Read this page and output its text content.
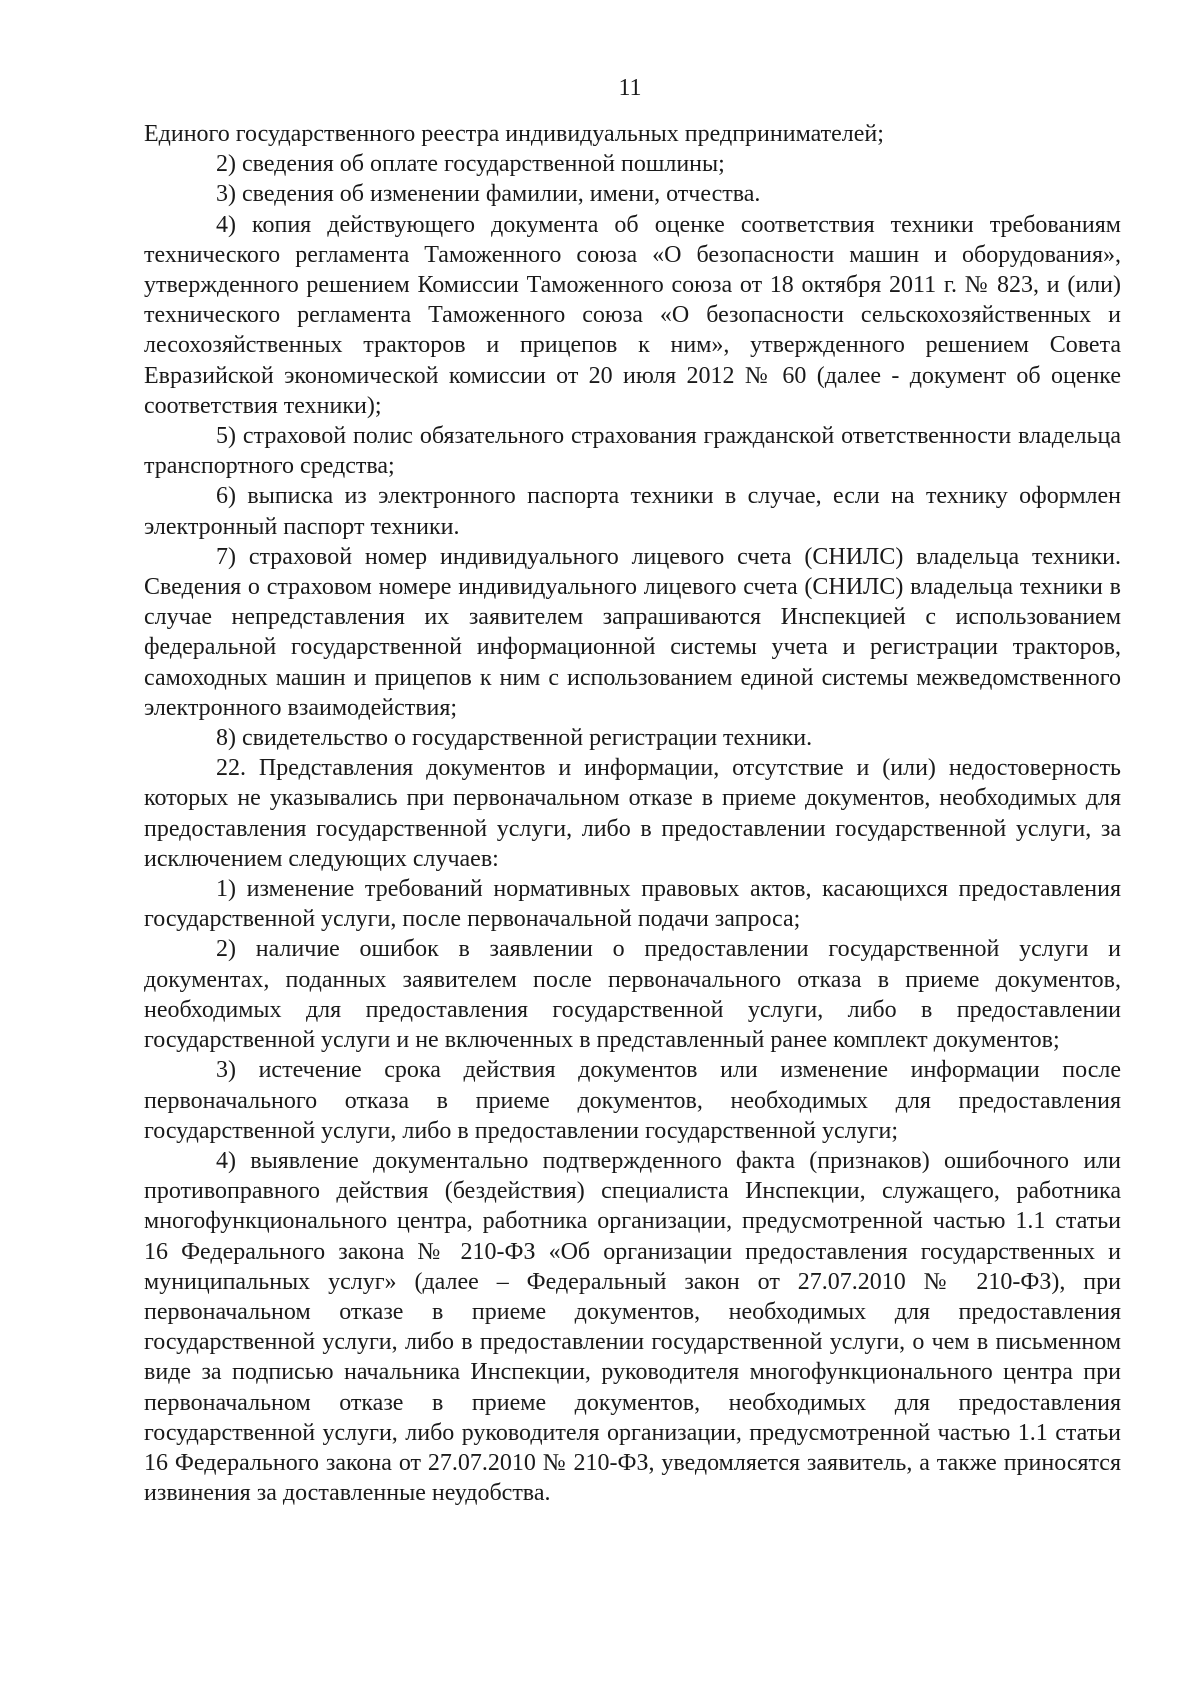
11

Единого государственного реестра индивидуальных предпринимателей;

2) сведения об оплате государственной пошлины;

3) сведения об изменении фамилии, имени, отчества.

4) копия действующего документа об оценке соответствия техники требованиям технического регламента Таможенного союза «О безопасности машин и оборудования», утвержденного решением Комиссии Таможенного союза от 18 октября 2011 г. № 823, и (или) технического регламента Таможенного союза «О безопасности сельскохозяйственных и лесохозяйственных тракторов и прицепов к ним», утвержденного решением Совета Евразийской экономической комиссии от 20 июля 2012 № 60 (далее - документ об оценке соответствия техники);

5) страховой полис обязательного страхования гражданской ответственности владельца транспортного средства;

6) выписка из электронного паспорта техники в случае, если на технику оформлен электронный паспорт техники.

7) страховой номер индивидуального лицевого счета (СНИЛС) владельца техники. Сведения о страховом номере индивидуального лицевого счета (СНИЛС) владельца техники в случае непредставления их заявителем запрашиваются Инспекцией с использованием федеральной государственной информационной системы учета и регистрации тракторов, самоходных машин и прицепов к ним с использованием единой системы межведомственного электронного взаимодействия;

8) свидетельство о государственной регистрации техники.

22. Представления документов и информации, отсутствие и (или) недостоверность которых не указывались при первоначальном отказе в приеме документов, необходимых для предоставления государственной услуги, либо в предоставлении государственной услуги, за исключением следующих случаев:

1) изменение требований нормативных правовых актов, касающихся предоставления государственной услуги, после первоначальной подачи запроса;

2) наличие ошибок в заявлении о предоставлении государственной услуги и документах, поданных заявителем после первоначального отказа в приеме документов, необходимых для предоставления государственной услуги, либо в предоставлении государственной услуги и не включенных в представленный ранее комплект документов;

3) истечение срока действия документов или изменение информации после первоначального отказа в приеме документов, необходимых для предоставления государственной услуги, либо в предоставлении государственной услуги;

4) выявление документально подтвержденного факта (признаков) ошибочного или противоправного действия (бездействия) специалиста Инспекции, служащего, работника многофункционального центра, работника организации, предусмотренной частью 1.1 статьи 16 Федерального закона № 210-ФЗ «Об организации предоставления государственных и муниципальных услуг» (далее – Федеральный закон от 27.07.2010 № 210-ФЗ), при первоначальном отказе в приеме документов, необходимых для предоставления государственной услуги, либо в предоставлении государственной услуги, о чем в письменном виде за подписью начальника Инспекции, руководителя многофункционального центра при первоначальном отказе в приеме документов, необходимых для предоставления государственной услуги, либо руководителя организации, предусмотренной частью 1.1 статьи 16 Федерального закона от 27.07.2010 № 210-ФЗ, уведомляется заявитель, а также приносятся извинения за доставленные неудобства.
